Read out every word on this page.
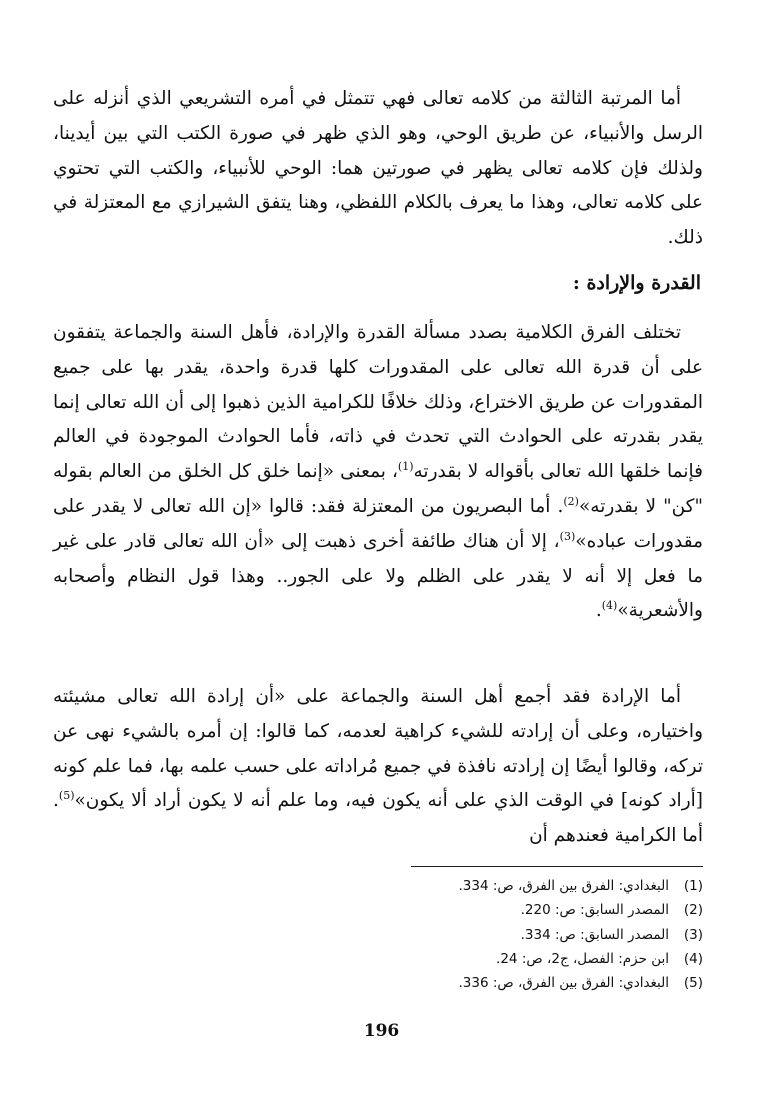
أما المرتبة الثالثة من كلامه تعالى فهي تتمثل في أمره التشريعي الذي أنزله على الرسل والأنبياء، عن طريق الوحي، وهو الذي ظهر في صورة الكتب التي بين أيدينا، ولذلك فإن كلامه تعالى يظهر في صورتين هما: الوحي للأنبياء، والكتب التي تحتوي على كلامه تعالى، وهذا ما يعرف بالكلام اللفظي، وهنا يتفق الشيرازي مع المعتزلة في ذلك.

القدرة والإرادة :

تختلف الفرق الكلامية بصدد مسألة القدرة والإرادة، فأهل السنة والجماعة يتفقون على أن قدرة الله تعالى على المقدورات كلها قدرة واحدة، يقدر بها على جميع المقدورات عن طريق الاختراع، وذلك خلافًا للكرامية الذين ذهبوا إلى أن الله تعالى إنما يقدر بقدرته على الحوادث التي تحدث في ذاته، فأما الحوادث الموجودة في العالم فإنما خلقها الله تعالى بأقواله لا بقدرته$^{(1)}$، بمعنى «إنما خلق كل الخلق من العالم بقوله "كن" لا بقدرته»$^{(2)}$. أما البصريون من المعتزلة فقد: قالوا «إن الله تعالى لا يقدر على مقدورات عباده»$^{(3)}$، إلا أن هناك طائفة أخرى ذهبت إلى «أن الله تعالى قادر على غير ما فعل إلا أنه لا يقدر على الظلم ولا على الجور.. وهذا قول النظام وأصحابه والأشعرية»$^{(4)}$.

أما الإرادة فقد أجمع أهل السنة والجماعة على «أن إرادة الله تعالى مشيئته واختياره، وعلى أن إرادته للشيء كراهية لعدمه، كما قالوا: إن أمره بالشيء نهى عن تركه، وقالوا أيضًا إن إرادته نافذة في جميع مُراداته على حسب علمه بها، فما علم كونه [أراد كونه] في الوقت الذي على أنه يكون فيه، وما علم أنه لا يكون أراد ألا يكون»$^{(5)}$. أما الكرامية فعندهم أن

(1)البغدادي: الفرق بين الفرق، ص: 334.
(2)المصدر السابق: ص: 220.
(3)المصدر السابق: ص: 334.
(4)ابن حزم: الفصل، ج2، ص: 24.
(5)البغدادي: الفرق بين الفرق، ص: 336.
196
